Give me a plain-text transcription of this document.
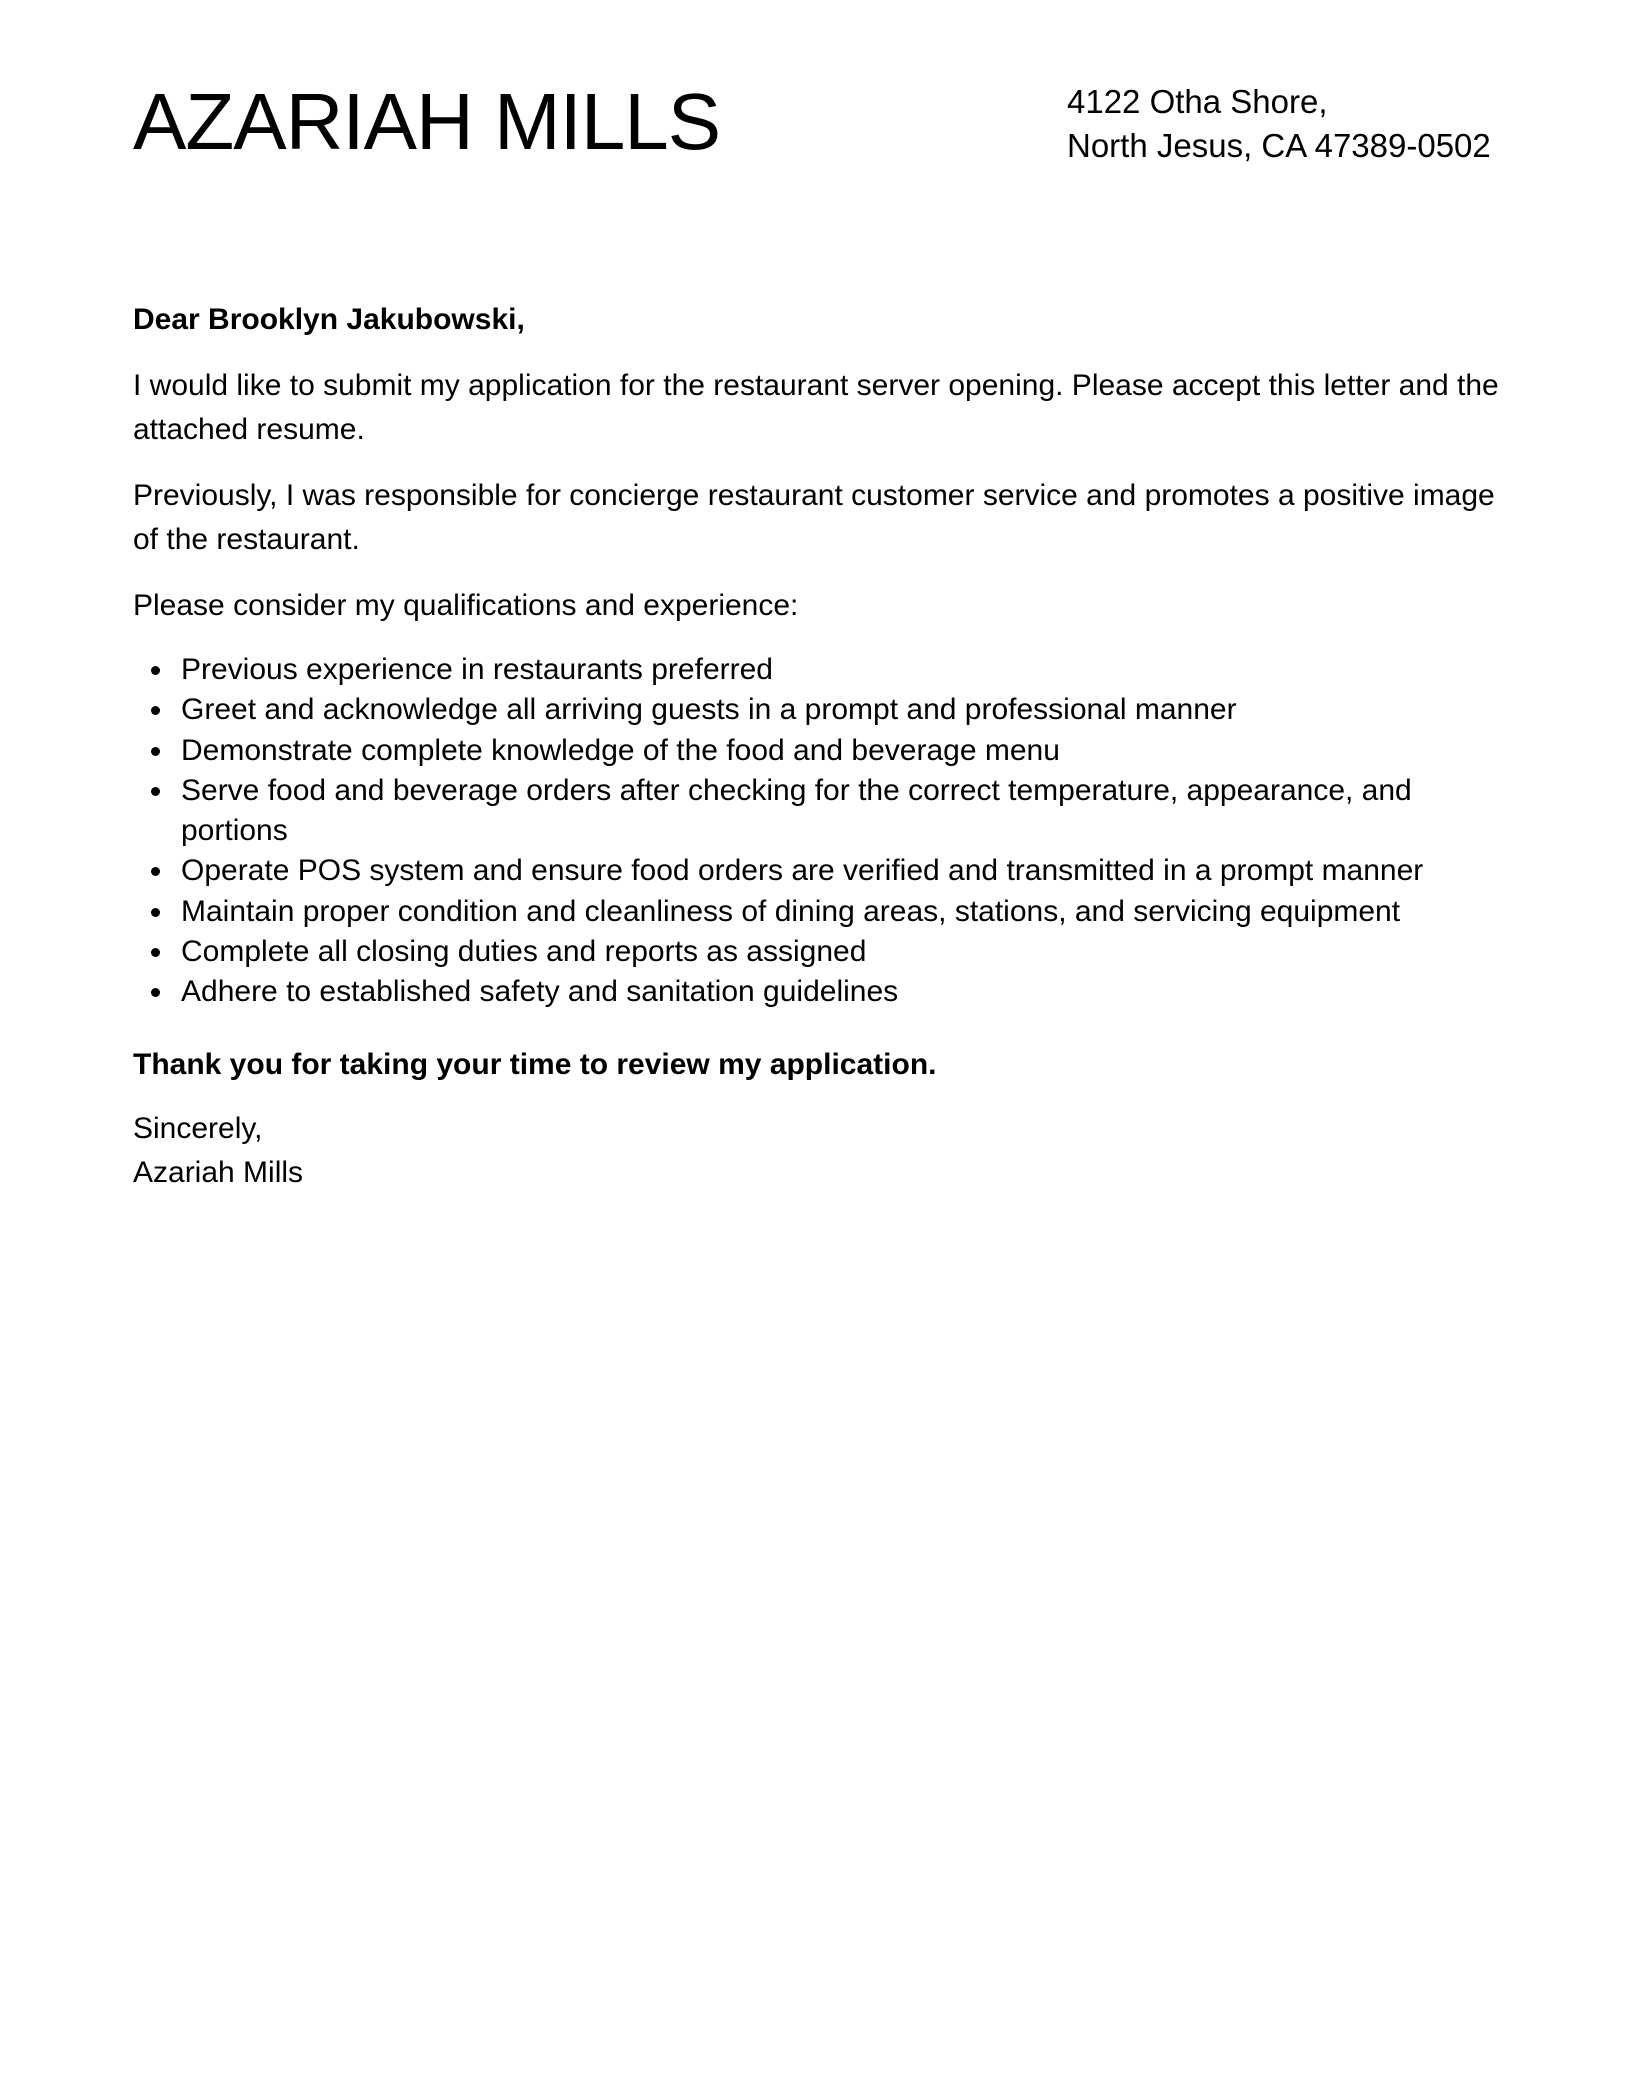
AZARIAH MILLS	4122 Otha Shore,
North Jesus, CA 47389-0502
Dear Brooklyn Jakubowski,
I would like to submit my application for the restaurant server opening. Please accept this letter and the attached resume.
Previously, I was responsible for concierge restaurant customer service and promotes a positive image of the restaurant.
Please consider my qualifications and experience:
Previous experience in restaurants preferred
Greet and acknowledge all arriving guests in a prompt and professional manner
Demonstrate complete knowledge of the food and beverage menu
Serve food and beverage orders after checking for the correct temperature, appearance, and portions
Operate POS system and ensure food orders are verified and transmitted in a prompt manner
Maintain proper condition and cleanliness of dining areas, stations, and servicing equipment
Complete all closing duties and reports as assigned
Adhere to established safety and sanitation guidelines
Thank you for taking your time to review my application.
Sincerely,
Azariah Mills
